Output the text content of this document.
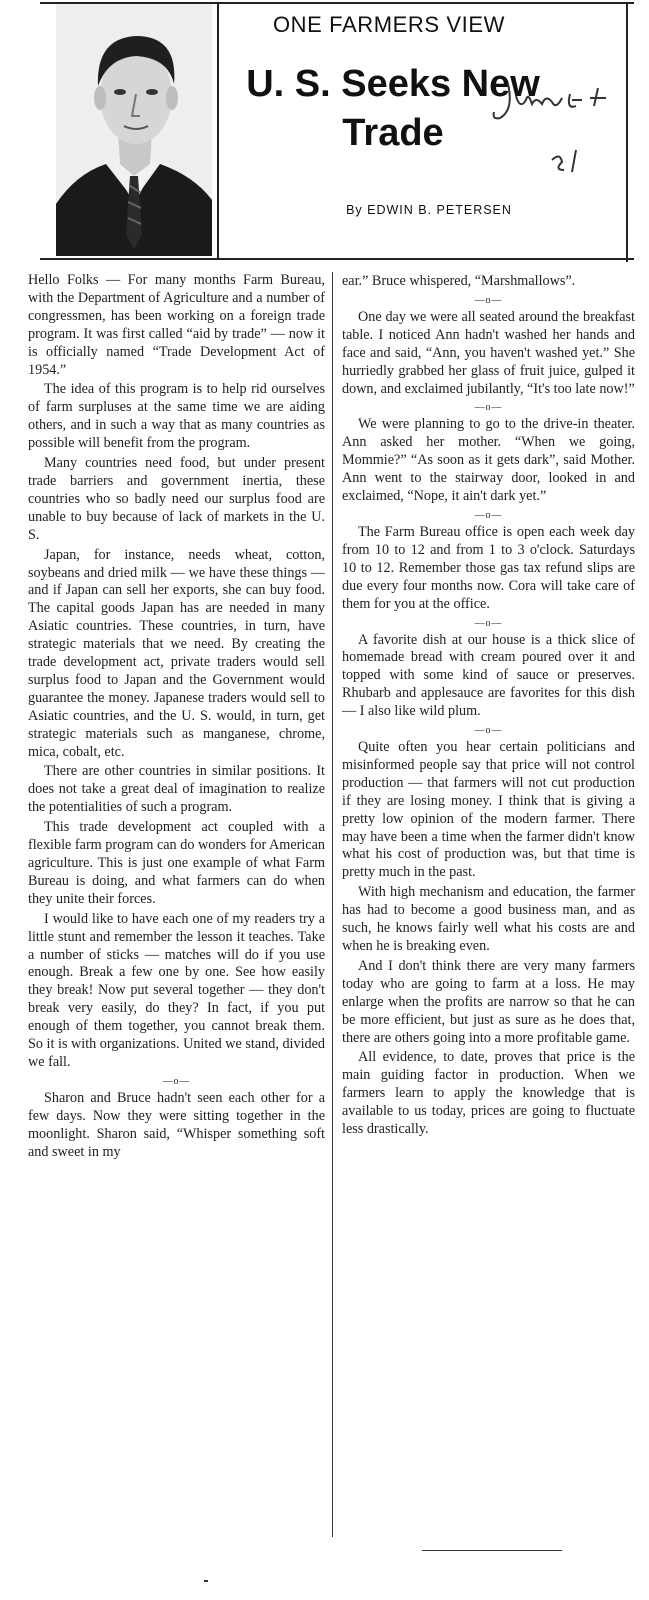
ONE FARMERS VIEW
U. S. Seeks New Trade
By EDWIN B. PETERSEN

Hello Folks — For many months Farm Bureau, with the Department of Agriculture and a number of congressmen, has been working on a foreign trade program. It was first called “aid by trade” — now it is officially named “Trade Development Act of 1954.”

The idea of this program is to help rid ourselves of farm surpluses at the same time we are aiding others, and in such a way that as many countries as possible will benefit from the program.

Many countries need food, but under present trade barriers and government inertia, these countries who so badly need our surplus food are unable to buy because of lack of markets in the U. S.

Japan, for instance, needs wheat, cotton, soybeans and dried milk — we have these things — and if Japan can sell her exports, she can buy food. The capital goods Japan has are needed in many Asiatic countries. These countries, in turn, have strategic materials that we need. By creating the trade development act, private traders would sell surplus food to Japan and the Government would guarantee the money. Japanese traders would sell to Asiatic countries, and the U. S. would, in turn, get strategic materials such as manganese, chrome, mica, cobalt, etc.

There are other countries in similar positions. It does not take a great deal of imagination to realize the potentialities of such a program.

This trade development act coupled with a flexible farm program can do wonders for American agriculture. This is just one example of what Farm Bureau is doing, and what farmers can do when they unite their forces.

I would like to have each one of my readers try a little stunt and remember the lesson it teaches. Take a number of sticks — matches will do if you use enough. Break a few one by one. See how easily they break! Now put several together — they don't break very easily, do they? In fact, if you put enough of them together, you cannot break them. So it is with organizations. United we stand, divided we fall.

—o—

Sharon and Bruce hadn't seen each other for a few days. Now they were sitting together in the moonlight. Sharon said, “Whisper something soft and sweet in my

ear.” Bruce whispered, “Marshmallows”.

—o—

One day we were all seated around the breakfast table. I noticed Ann hadn't washed her hands and face and said, “Ann, you haven't washed yet.” She hurriedly grabbed her glass of fruit juice, gulped it down, and exclaimed jubilantly, “It's too late now!”

—o—

We were planning to go to the drive-in theater. Ann asked her mother. “When we going, Mommie?” “As soon as it gets dark”, said Mother. Ann went to the stairway door, looked in and exclaimed, “Nope, it ain't dark yet.”

—o—

The Farm Bureau office is open each week day from 10 to 12 and from 1 to 3 o'clock. Saturdays 10 to 12. Remember those gas tax refund slips are due every four months now. Cora will take care of them for you at the office.

—o—

A favorite dish at our house is a thick slice of homemade bread with cream poured over it and topped with some kind of sauce or preserves. Rhubarb and applesauce are favorites for this dish — I also like wild plum.

—o—

Quite often you hear certain politicians and misinformed people say that price will not control production — that farmers will not cut production if they are losing money. I think that is giving a pretty low opinion of the modern farmer. There may have been a time when the farmer didn't know what his cost of production was, but that time is pretty much in the past.

With high mechanism and education, the farmer has had to become a good business man, and as such, he knows fairly well what his costs are and when he is breaking even.

And I don't think there are very many farmers today who are going to farm at a loss. He may enlarge when the profits are narrow so that he can be more efficient, but just as sure as he does that, there are others going into a more profitable game.

All evidence, to date, proves that price is the main guiding factor in production. When we farmers learn to apply the knowledge that is available to us today, prices are going to fluctuate less drastically.
